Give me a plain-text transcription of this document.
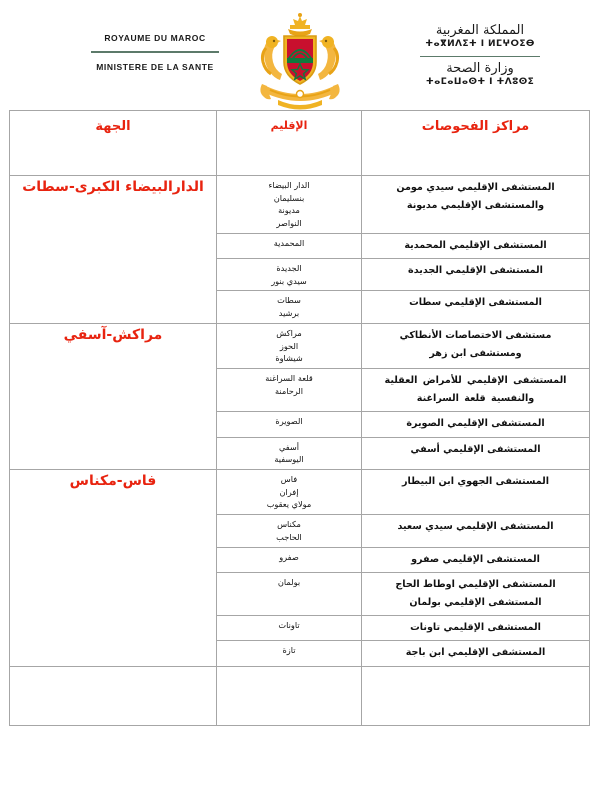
ROYAUME DU MAROC
MINISTERE DE LA SANTE
المملكة المغربية
ⵜⴰⴳⵍⴷⵉⵜ ⵏ ⵍⵎⵖⵔⵉⴱ
وزارة الصحة
ⵜⴰⵎⴰⵡⴰⵙⵜ ⵏ ⵜⴷⵓⵙⵉ
مراكز الفحوصات	الإقليم	الجهة

المستشفى الإقليمي سيدي مومن
والمستشفى الإقليمي مديونة	الدار البيضاء
بنسليمان
مديونة
النواصر	الدارالبيضاء الكبرى-سطات

المستشفى الإقليمي المحمدية	المحمدية	

المستشفى الإقليمي الجديدة	الجديدة
سيدي بنور	

المستشفى الإقليمي سطات	سطات
برشيد	

مستشفى الاختصاصات الأنطاكي
ومستشفى ابن زهر	مراكش
الحوز
شيشاوة	مراكش-آسفي

المستشفى الإقليمي للأمراض العقلية
والنفسية قلعة السراغنة	قلعة السراغنة
الرحامنة	

المستشفى الإقليمي الصويرة	الصويرة	

المستشفى الإقليمي أسفي	أسفي
اليوسفية	

المستشفى الجهوي ابن البيطار	فاس
إفران
مولاي يعقوب	فاس-مكناس

المستشفى الإقليمي سيدي سعيد	مكناس
الحاجب	

المستشفى الإقليمي صفرو	صفرو	

المستشفى الإقليمي اوطاط الحاج
المستشفى الإقليمي بولمان	بولمان	

المستشفى الإقليمي تاونات	تاونات	

المستشفى الإقليمي ابن باجة	تازة	
